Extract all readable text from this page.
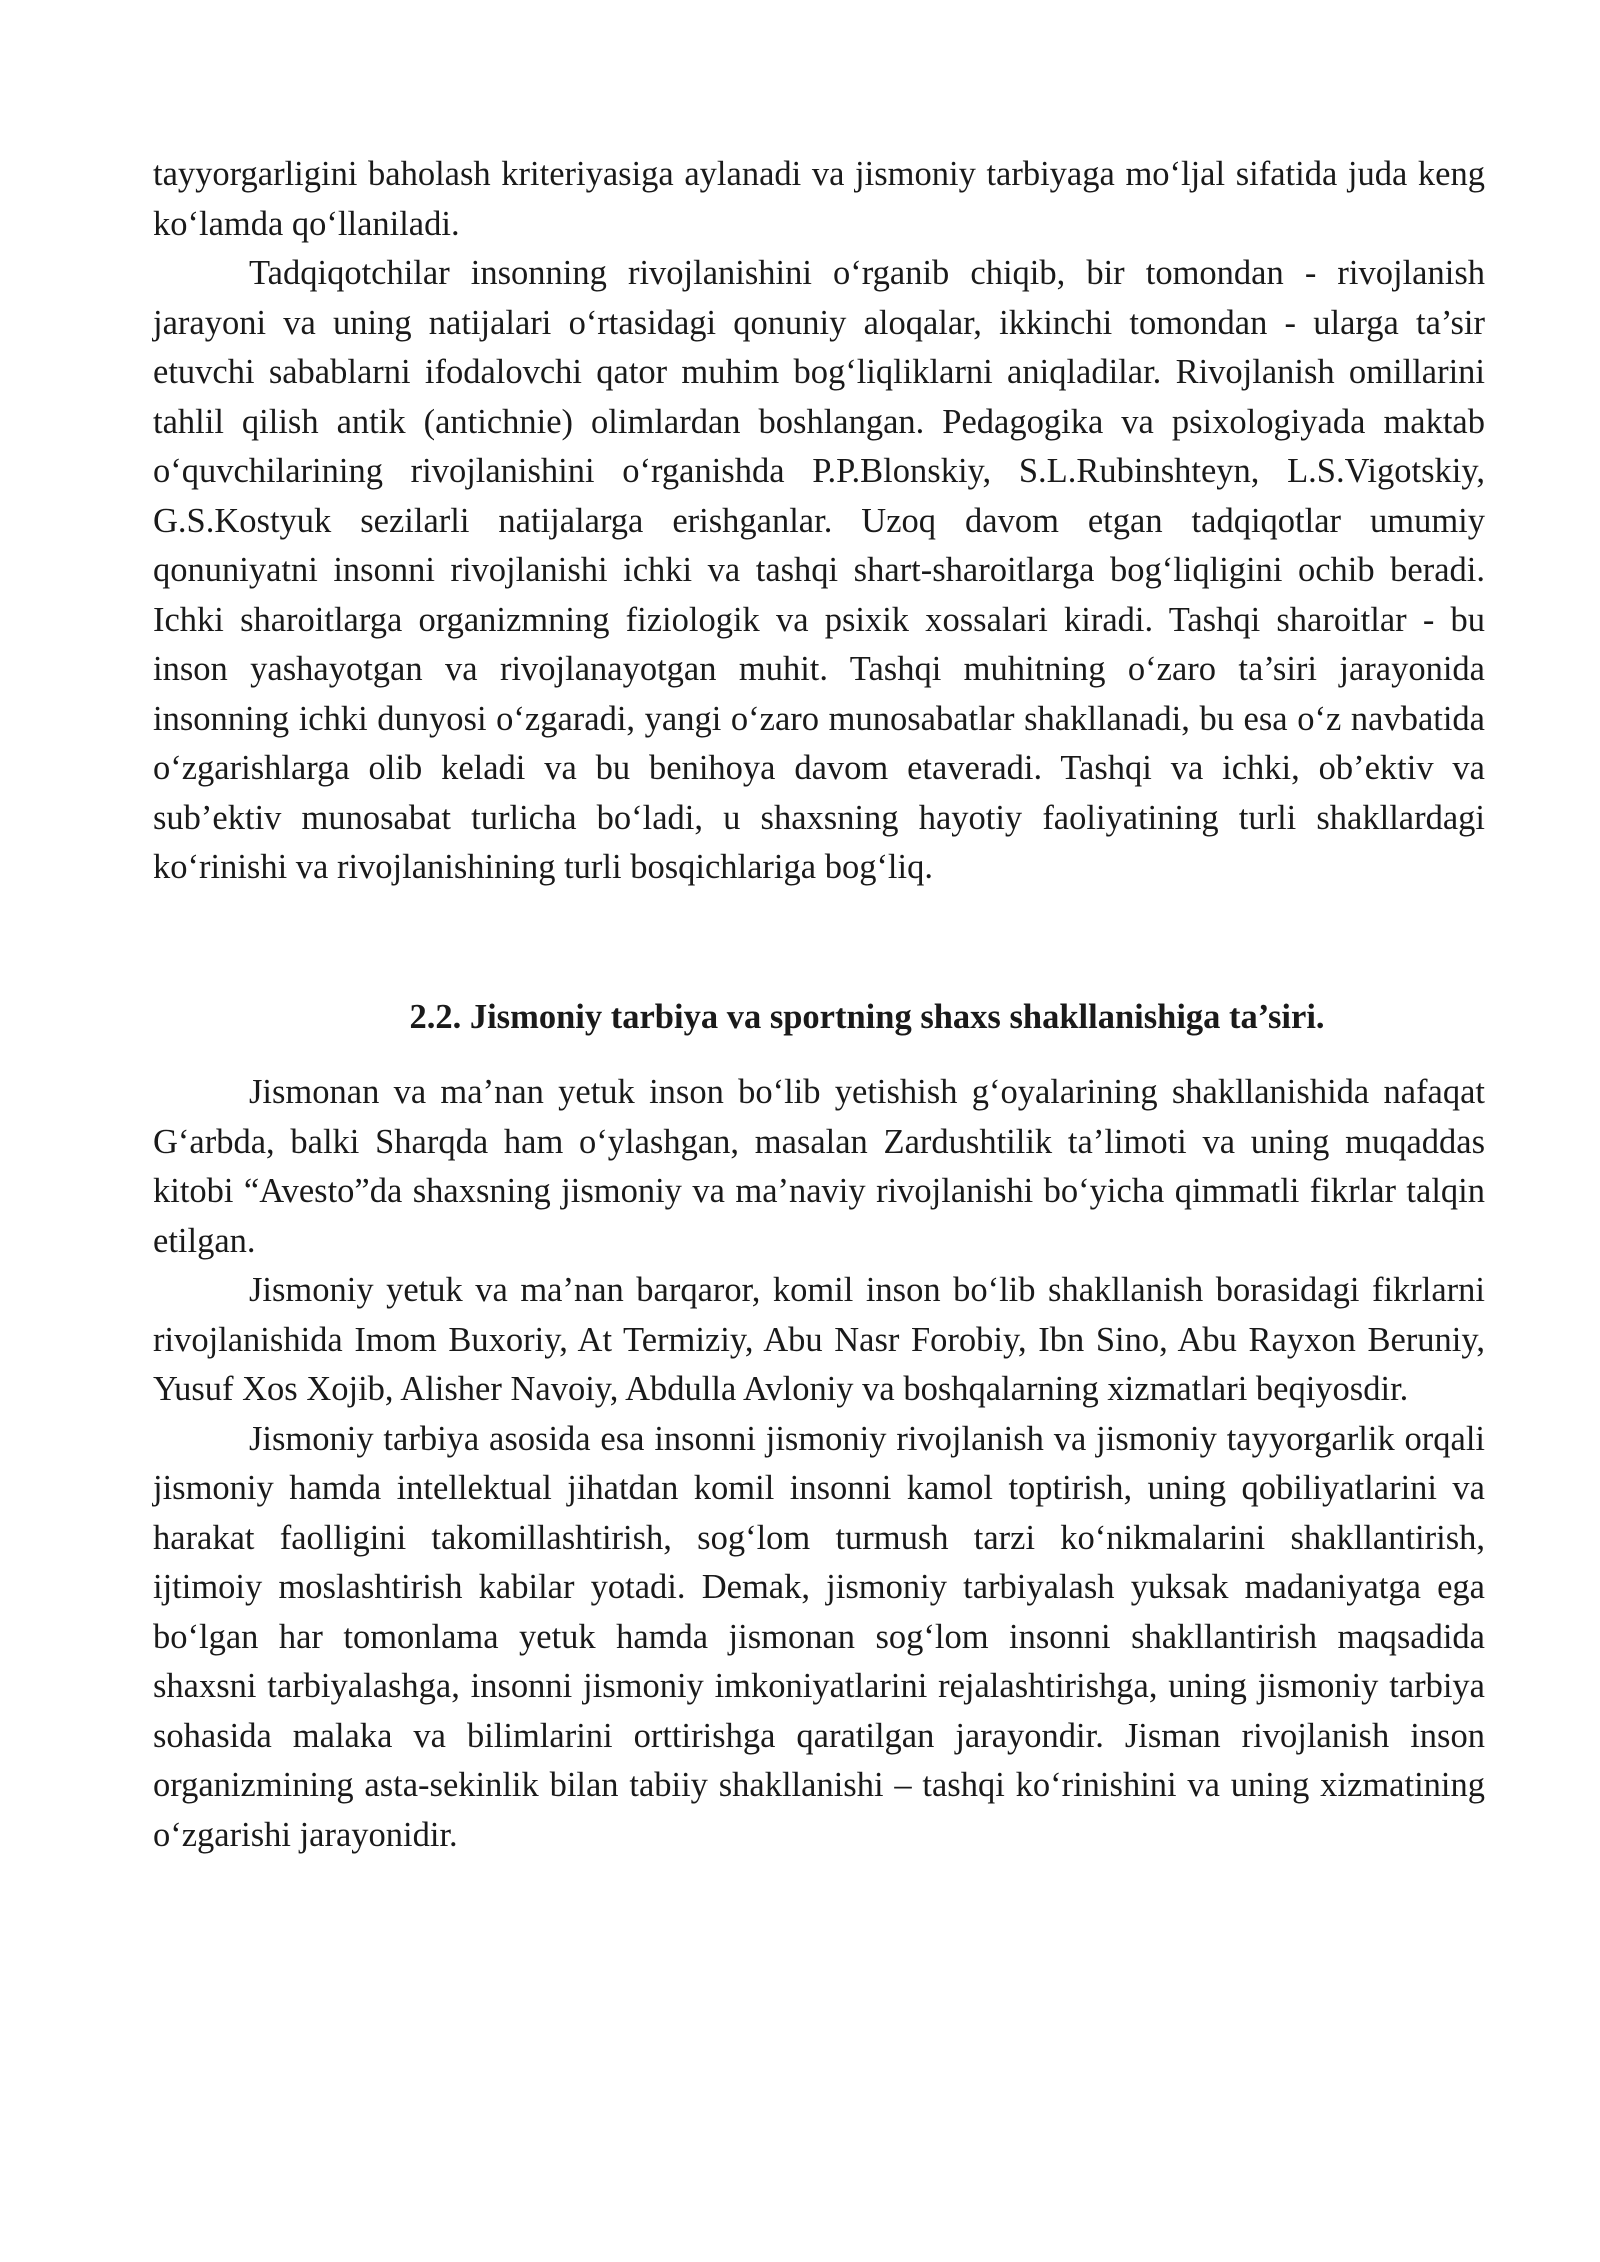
tayyorgarligini baholash kriteriyasiga aylanadi va jismoniy tarbiyaga mo‘ljal sifatida juda keng ko‘lamda qo‘llaniladi.

Tadqiqotchilar insonning rivojlanishini o‘rganib chiqib, bir tomondan - rivojlanish jarayoni va uning natijalari o‘rtasidagi qonuniy aloqalar, ikkinchi tomondan - ularga ta’sir etuvchi sabablarni ifodalovchi qator muhim bog‘liqliklarni aniqladilar. Rivojlanish omillarini tahlil qilish antik (antichnie) olimlardan boshlangan. Pedagogika va psixologiyada maktab o‘quvchilarining rivojlanishini o‘rganishda P.P.Blonskiy, S.L.Rubinshteyn, L.S.Vigotskiy, G.S.Kostyuk sezilarli natijalarga erishganlar. Uzoq davom etgan tadqiqotlar umumiy qonuniyatni insonni rivojlanishi ichki va tashqi shart-sharoitlarga bog‘liqligini ochib beradi. Ichki sharoitlarga organizmning fiziologik va psixik xossalari kiradi. Tashqi sharoitlar - bu inson yashayotgan va rivojlanayotgan muhit. Tashqi muhitning o‘zaro ta’siri jarayonida insonning ichki dunyosi o‘zgaradi, yangi o‘zaro munosabatlar shakllanadi, bu esa o‘z navbatida o‘zgarishlarga olib keladi va bu benihoya davom etaveradi. Tashqi va ichki, ob’ektiv va sub’ektiv munosabat turlicha bo‘ladi, u shaxsning hayotiy faoliyatining turli shakllardagi ko‘rinishi va rivojlanishining turli bosqichlariga bog‘liq.

2.2. Jismoniy tarbiya va sportning shaxs shakllanishiga ta’siri.

Jismonan va ma’nan yetuk inson bo‘lib yetishish g‘oyalarining shakllanishida nafaqat G‘arbda, balki Sharqda ham o‘ylashgan, masalan Zardushtilik ta’limoti va uning muqaddas kitobi “Avesto”da shaxsning jismoniy va ma’naviy rivojlanishi bo‘yicha qimmatli fikrlar talqin etilgan.

Jismoniy yetuk va ma’nan barqaror, komil inson bo‘lib shakllanish borasidagi fikrlarni rivojlanishida Imom Buxoriy, At Termiziy, Abu Nasr Forobiy, Ibn Sino, Abu Rayxon Beruniy, Yusuf Xos Xojib, Alisher Navoiy, Abdulla Avloniy va boshqalarning xizmatlari beqiyosdir.

Jismoniy tarbiya asosida esa insonni jismoniy rivojlanish va jismoniy tayyorgarlik orqali jismoniy hamda intellektual jihatdan komil insonni kamol toptirish, uning qobiliyatlarini va harakat faolligini takomillashtirish, sog‘lom turmush tarzi ko‘nikmalarini shakllantirish, ijtimoiy moslashtirish kabilar yotadi. Demak, jismoniy tarbiyalash yuksak madaniyatga ega bo‘lgan har tomonlama yetuk hamda jismonan sog‘lom insonni shakllantirish maqsadida shaxsni tarbiyalashga, insonni jismoniy imkoniyatlarini rejalashtirishga, uning jismoniy tarbiya sohasida malaka va bilimlarini orttirishga qaratilgan jarayondir. Jisman rivojlanish inson organizmining asta-sekinlik bilan tabiiy shakllanishi – tashqi ko‘rinishini va uning xizmatining o‘zgarishi jarayonidir.
